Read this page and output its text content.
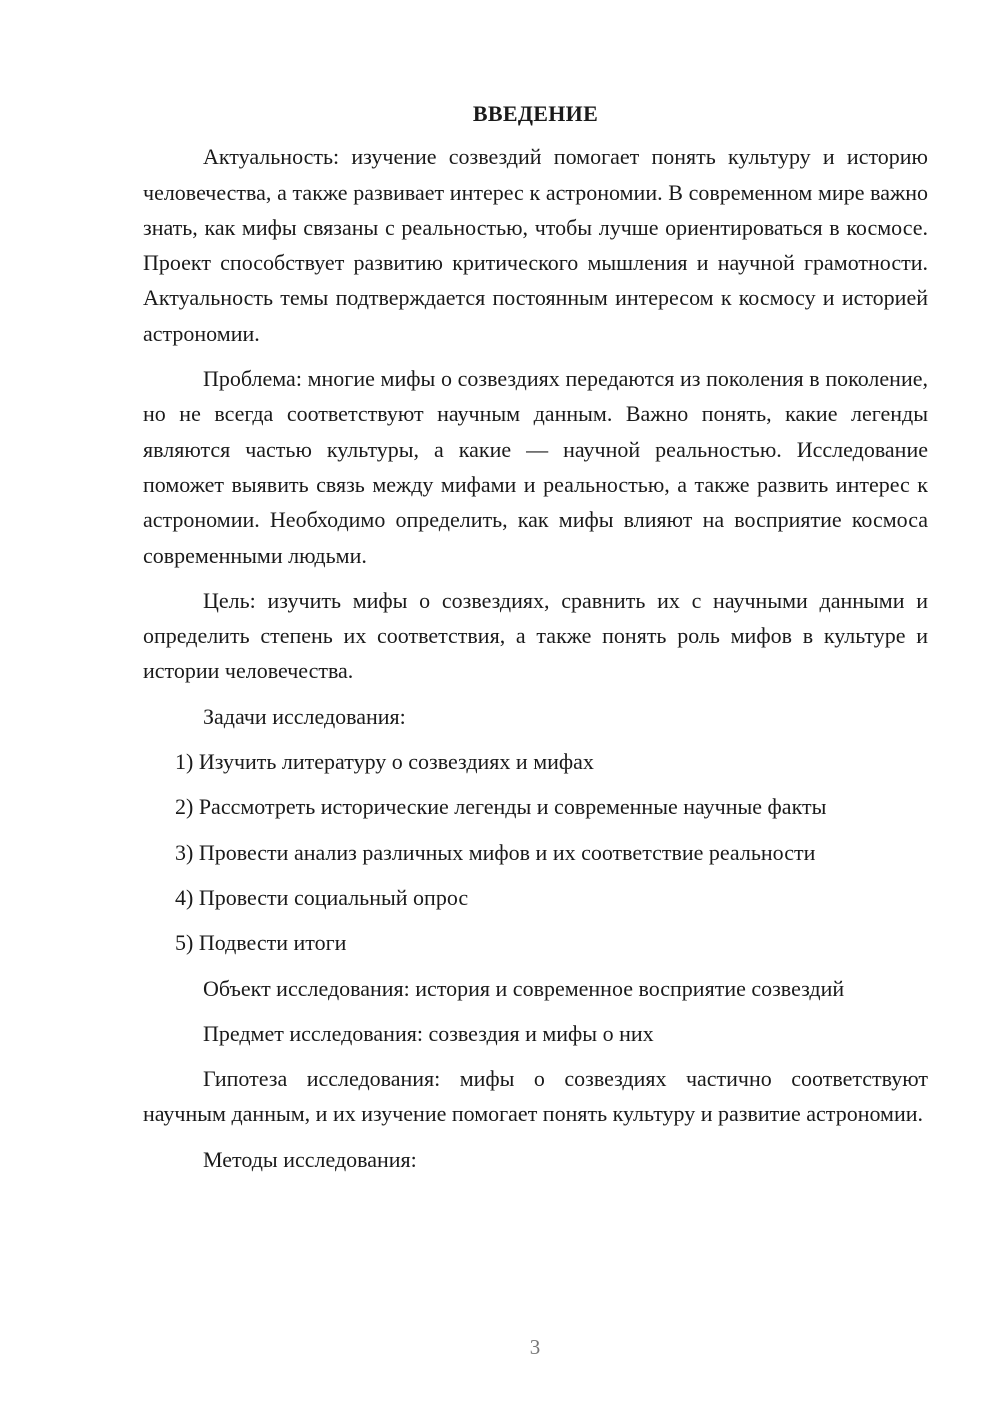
ВВЕДЕНИЕ

Актуальность: изучение созвездий помогает понять культуру и историю человечества, а также развивает интерес к астрономии. В современном мире важно знать, как мифы связаны с реальностью, чтобы лучше ориентироваться в космосе. Проект способствует развитию критического мышления и научной грамотности. Актуальность темы подтверждается постоянным интересом к космосу и историей астрономии.

Проблема: многие мифы о созвездиях передаются из поколения в поколение, но не всегда соответствуют научным данным. Важно понять, какие легенды являются частью культуры, а какие — научной реальностью. Исследование поможет выявить связь между мифами и реальностью, а также развить интерес к астрономии. Необходимо определить, как мифы влияют на восприятие космоса современными людьми.

Цель: изучить мифы о созвездиях, сравнить их с научными данными и определить степень их соответствия, а также понять роль мифов в культуре и истории человечества.

Задачи исследования:

1) Изучить литературу о созвездиях и мифах
2) Рассмотреть исторические легенды и современные научные факты
3) Провести анализ различных мифов и их соответствие реальности
4) Провести социальный опрос
5) Подвести итоги

Объект исследования: история и современное восприятие созвездий

Предмет исследования: созвездия и мифы о них

Гипотеза исследования: мифы о созвездиях частично соответствуют научным данным, и их изучение помогает понять культуру и развитие астрономии.

Методы исследования:

3
